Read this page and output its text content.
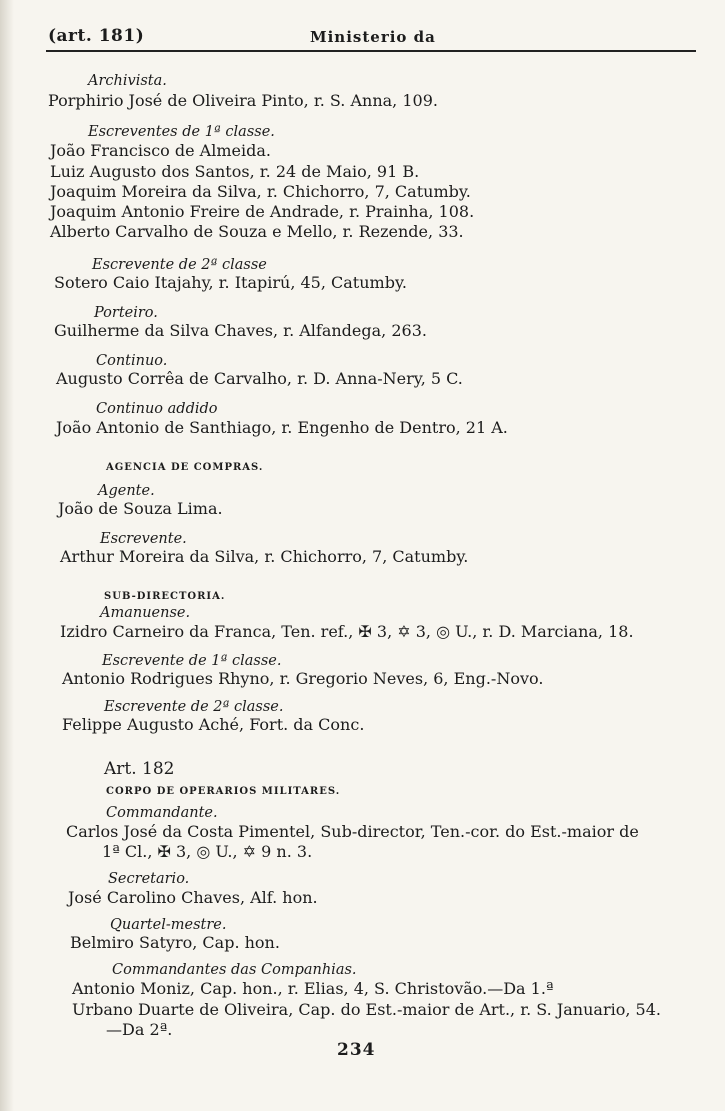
(art. 181)	Ministerio da
Archivista.
Porphirio José de Oliveira Pinto, r. S. Anna, 109.
Escreventes de 1ª classe.
João Francisco de Almeida.
Luiz Augusto dos Santos, r. 24 de Maio, 91 B.
Joaquim Moreira da Silva, r. Chichorro, 7, Catumby.
Joaquim Antonio Freire de Andrade, r. Prainha, 108.
Alberto Carvalho de Souza e Mello, r. Rezende, 33.
Escrevente de 2ª classe
Sotero Caio Itajahy, r. Itapirú, 45, Catumby.
Porteiro.
Guilherme da Silva Chaves, r. Alfandega, 263.
Continuo.
Augusto Corrêa de Carvalho, r. D. Anna-Nery, 5 C.
Continuo addido
João Antonio de Santhiago, r. Engenho de Dentro, 21 A.
AGENCIA DE COMPRAS.
Agente.
João de Souza Lima.
Escrevente.
Arthur Moreira da Silva, r. Chichorro, 7, Catumby.
SUB-DIRECTORIA.
Amanuense.
Izidro Carneiro da Franca, Ten. ref., ✠ 3, ✡ 3, ◎ U., r. D. Marciana, 18.
Escrevente de 1ª classe.
Antonio Rodrigues Rhyno, r. Gregorio Neves, 6, Eng.-Novo.
Escrevente de 2ª classe.
Felippe Augusto Aché, Fort. da Conc.
Art. 182
CORPO DE OPERARIOS MILITARES.
Commandante.
Carlos José da Costa Pimentel, Sub-director, Ten.-cor. do Est.-maior de
1ª Cl., ✠ 3, ◎ U., ✡ 9 n. 3.
Secretario.
José Carolino Chaves, Alf. hon.
Quartel-mestre.
Belmiro Satyro, Cap. hon.
Commandantes das Companhias.
Antonio Moniz, Cap. hon., r. Elias, 4, S. Christovão.—Da 1.ª
Urbano Duarte de Oliveira, Cap. do Est.-maior de Art., r. S. Januario, 54.
—Da 2ª.
234
